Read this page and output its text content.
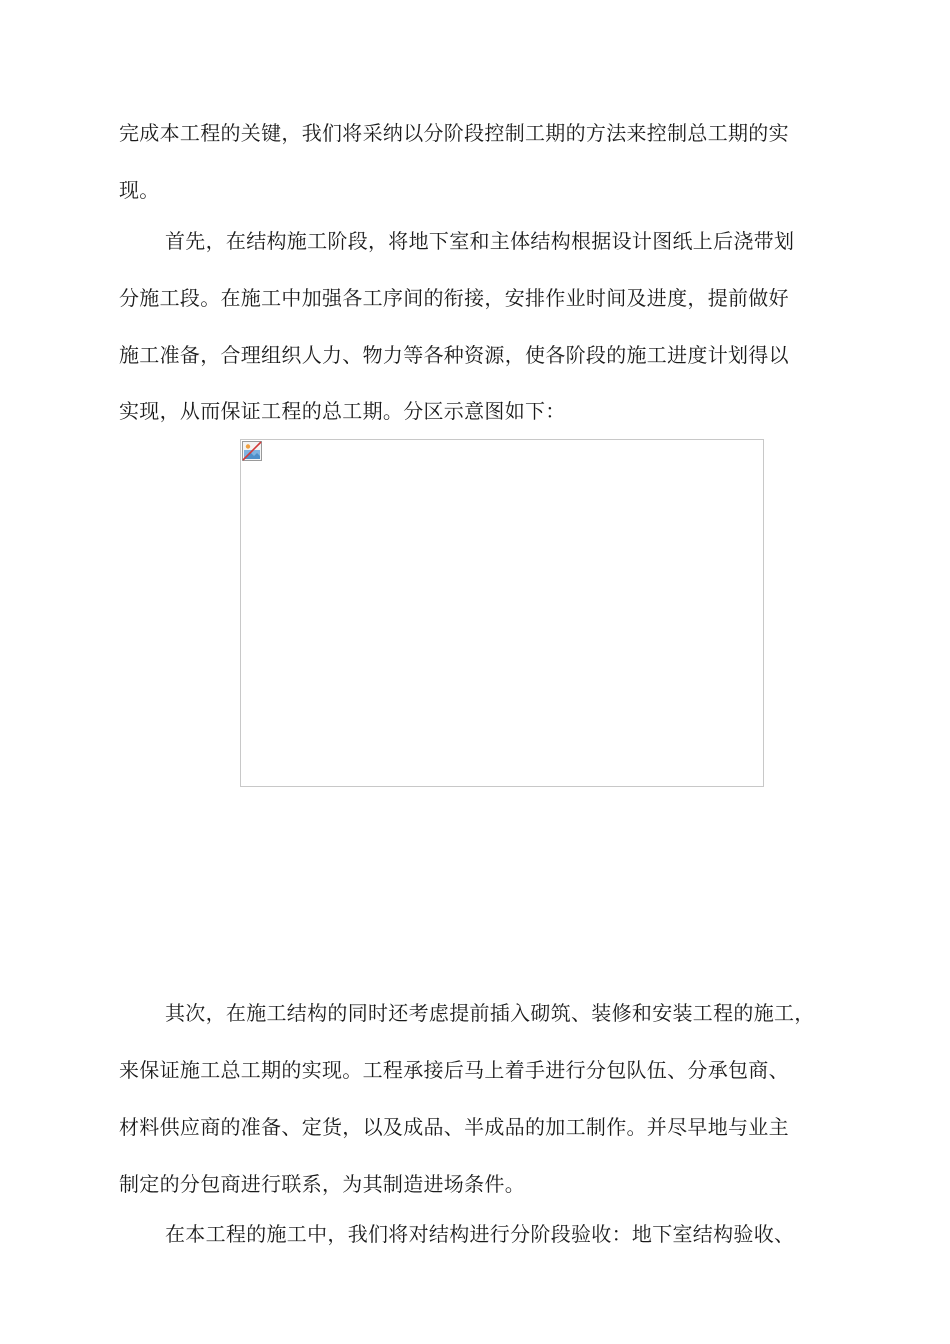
完成本工程的关键，我们将采纳以分阶段控制工期的方法来控制总工期的实
现。
首先，在结构施工阶段，将地下室和主体结构根据设计图纸上后浇带划
分施工段。在施工中加强各工序间的衔接，安排作业时间及进度，提前做好
施工准备，合理组织人力、物力等各种资源，使各阶段的施工进度计划得以
实现，从而保证工程的总工期。分区示意图如下：
其次，在施工结构的同时还考虑提前插入砌筑、装修和安装工程的施工，
来保证施工总工期的实现。工程承接后马上着手进行分包队伍、分承包商、
材料供应商的准备、定货，以及成品、半成品的加工制作。并尽早地与业主
制定的分包商进行联系，为其制造进场条件。
在本工程的施工中，我们将对结构进行分阶段验收：地下室结构验收、
